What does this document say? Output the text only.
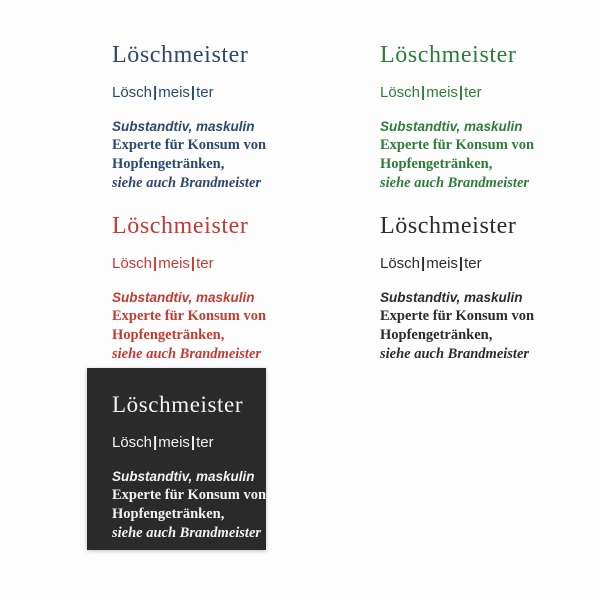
Löschmeister
Lösch|meis|ter
Substandtiv, maskulin
Experte für Konsum von
Hopfengetränken,
siehe auch Brandmeister
Löschmeister
Lösch|meis|ter
Substandtiv, maskulin
Experte für Konsum von
Hopfengetränken,
siehe auch Brandmeister
Löschmeister
Lösch|meis|ter
Substandtiv, maskulin
Experte für Konsum von
Hopfengetränken,
siehe auch Brandmeister
Löschmeister
Lösch|meis|ter
Substandtiv, maskulin
Experte für Konsum von
Hopfengetränken,
siehe auch Brandmeister
Löschmeister
Lösch|meis|ter
Substandtiv, maskulin
Experte für Konsum von
Hopfengetränken,
siehe auch Brandmeister
